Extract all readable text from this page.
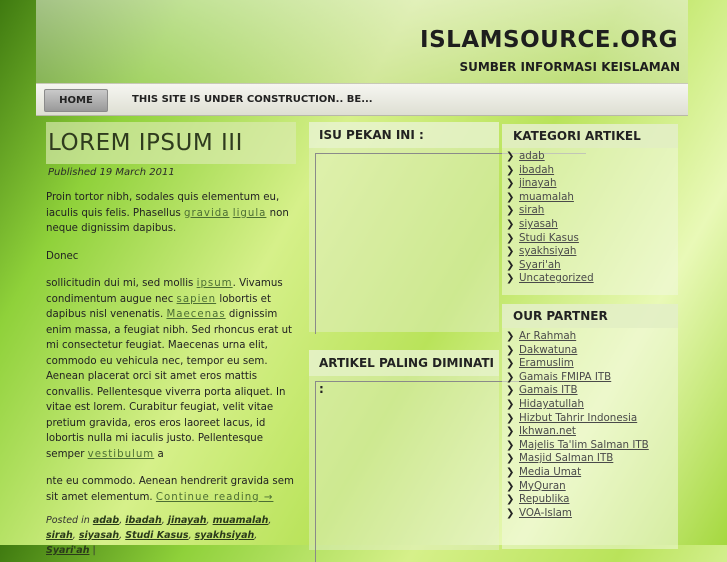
ISLAMSOURCE.ORG
SUMBER INFORMASI KEISLAMAN
HOME	THIS SITE IS UNDER CONSTRUCTION.. BE...
LOREM IPSUM III
Published 19 March 2011

Proin tortor nibh, sodales quis elementum eu, iaculis quis felis. Phasellus gravida ligula non neque dignissim dapibus.

Donec

sollicitudin dui mi, sed mollis ipsum. Vivamus condimentum augue nec sapien lobortis et dapibus nisl venenatis. Maecenas dignissim enim massa, a feugiat nibh. Sed rhoncus erat ut mi consectetur feugiat. Maecenas urna elit, commodo eu vehicula nec, tempor eu sem. Aenean placerat orci sit amet eros mattis convallis. Pellentesque viverra porta aliquet. In vitae est lorem. Curabitur feugiat, velit vitae pretium gravida, eros eros laoreet lacus, id lobortis nulla mi iaculis justo. Pellentesque semper vestibulum a

nte eu commodo. Aenean hendrerit gravida sem sit amet elementum. Continue reading →

Posted in adab, ibadah, jinayah, muamalah, sirah, siyasah, Studi Kasus, syakhsiyah, Syari'ah |
ISU PEKAN INI :
ARTIKEL PALING DIMINATI :
KATEGORI ARTIKEL
❯ adab
❯ ibadah
❯ jinayah
❯ muamalah
❯ sirah
❯ siyasah
❯ Studi Kasus
❯ syakhsiyah
❯ Syari'ah
❯ Uncategorized
OUR PARTNER
❯ Ar Rahmah
❯ Dakwatuna
❯ Eramuslim
❯ Gamais FMIPA ITB
❯ Gamais ITB
❯ Hidayatullah
❯ Hizbut Tahrir Indonesia
❯ Ikhwan.net
❯ Majelis Ta'lim Salman ITB
❯ Masjid Salman ITB
❯ Media Umat
❯ MyQuran
❯ Republika
❯ VOA-Islam
